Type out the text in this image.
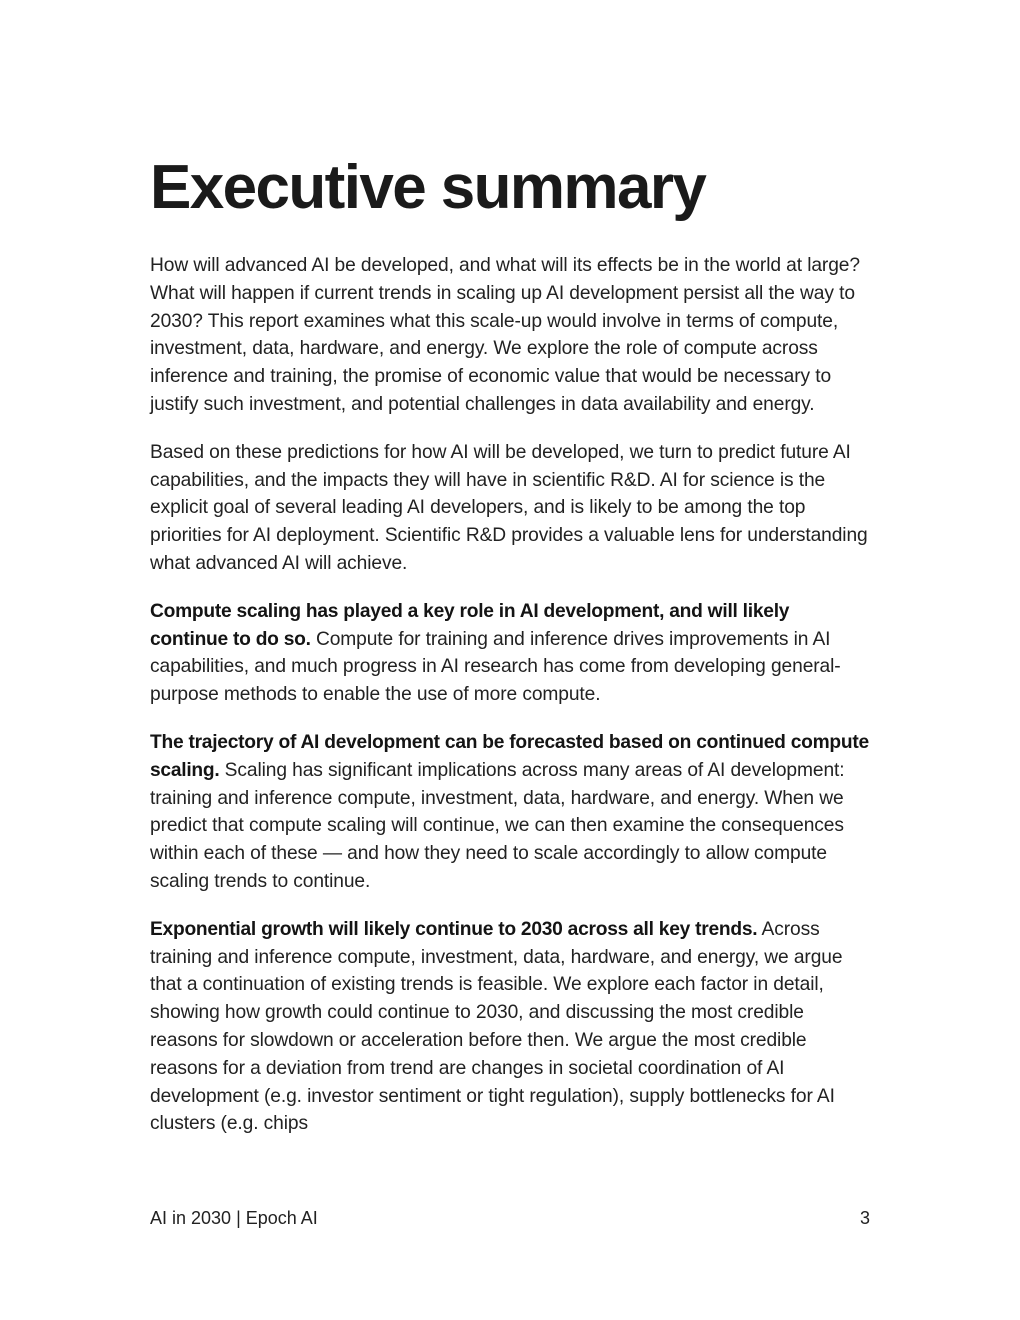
Executive summary

How will advanced AI be developed, and what will its effects be in the world at large? What will happen if current trends in scaling up AI development persist all the way to 2030? This report examines what this scale-up would involve in terms of compute, investment, data, hardware, and energy. We explore the role of compute across inference and training, the promise of economic value that would be necessary to justify such investment, and potential challenges in data availability and energy.

Based on these predictions for how AI will be developed, we turn to predict future AI capabilities, and the impacts they will have in scientific R&D. AI for science is the explicit goal of several leading AI developers, and is likely to be among the top priorities for AI deployment. Scientific R&D provides a valuable lens for understanding what advanced AI will achieve.

Compute scaling has played a key role in AI development, and will likely continue to do so. Compute for training and inference drives improvements in AI capabilities, and much progress in AI research has come from developing general-purpose methods to enable the use of more compute.

The trajectory of AI development can be forecasted based on continued compute scaling. Scaling has significant implications across many areas of AI development: training and inference compute, investment, data, hardware, and energy. When we predict that compute scaling will continue, we can then examine the consequences within each of these — and how they need to scale accordingly to allow compute scaling trends to continue.

Exponential growth will likely continue to 2030 across all key trends. Across training and inference compute, investment, data, hardware, and energy, we argue that a continuation of existing trends is feasible. We explore each factor in detail, showing how growth could continue to 2030, and discussing the most credible reasons for slowdown or acceleration before then. We argue the most credible reasons for a deviation from trend are changes in societal coordination of AI development (e.g. investor sentiment or tight regulation), supply bottlenecks for AI clusters (e.g. chips

AI in 2030 | Epoch AI	3
